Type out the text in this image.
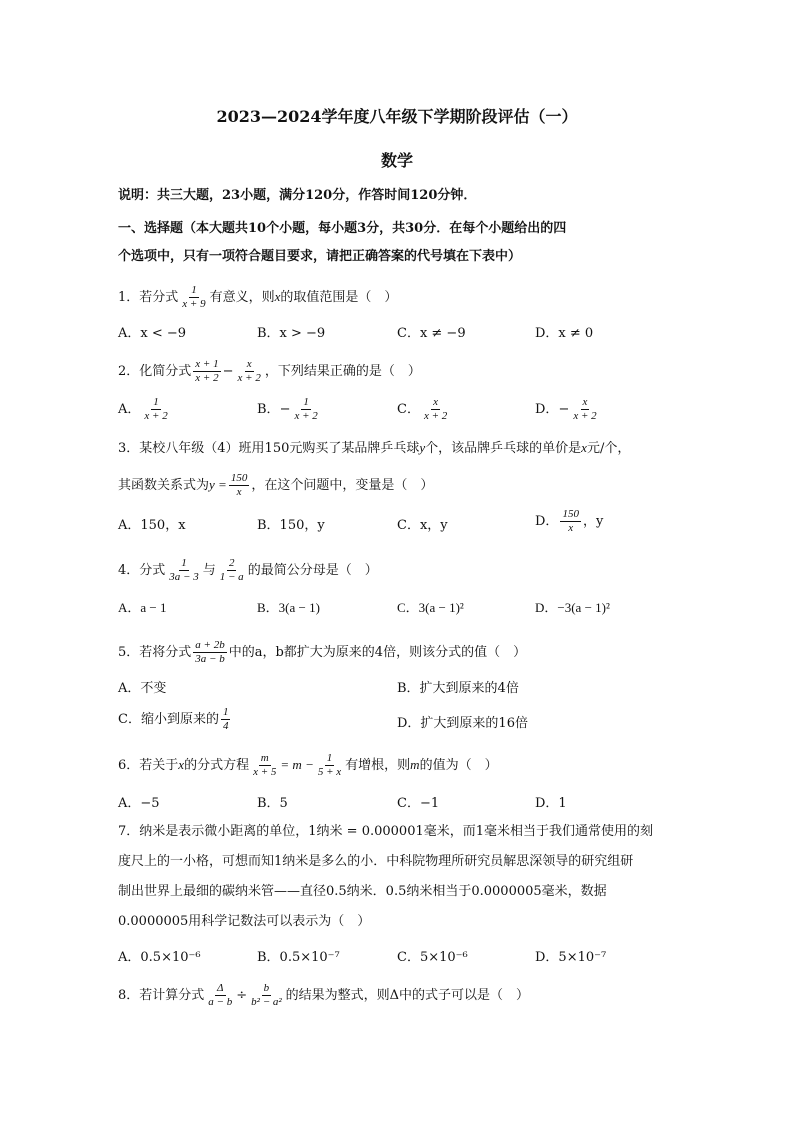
2023—2024学年度八年级下学期阶段评估（一）
数学
说明：共三大题，23小题，满分120分，作答时间120分钟．
一、选择题（本大题共10个小题，每小题3分，共30分．在每个小题给出的四
个选项中，只有一项符合题目要求，请把正确答案的代号填在下表中）
1．若分式 $\frac{1}{x + 9}$ 有意义，则x的取值范围是（　）
A．x < −9	B．x > −9	C．x ≠ −9	D．x ≠ 0
2．化简分式 $\frac{x + 1}{x + 2} - \frac{x}{x + 2}$ ，下列结果正确的是（　）
A． $\frac{1}{x + 2}$	B．− $\frac{1}{x + 2}$	C． $\frac{x}{x + 2}$	D．− $\frac{x}{x + 2}$
3．某校八年级（4）班用150元购买了某品牌乒乓球y个，该品牌乒乓球的单价是x元/个，
其函数关系式为$y = \frac{150}{x}$ ，在这个问题中，变量是（　）
A．150，x	B．150，y	C．x，y	D． $\frac{150}{x}$ ，y
4．分式 $\frac{1}{3a - 3}$ 与 $\frac{2}{1 - a}$ 的最简公分母是（　）
A．a − 1	B．3(a − 1)	C．3(a − 1)²	D．−3(a − 1)²
5．若将分式 $\frac{a + 2b}{3a - b}$ 中的a，b都扩大为原来的4倍，则该分式的值（　）
A．不变	B．扩大到原来的4倍
C．缩小到原来的 $\frac{1}{4}$	D．扩大到原来的16倍
6．若关于x的分式方程 $\frac{m}{x + 5} = m - \frac{1}{5 + x}$ 有增根，则m的值为（　）
A．−5	B．5	C．−1	D．1
7．纳米是表示微小距离的单位，1纳米 = 0.000001毫米，而1毫米相当于我们通常使用的刻
度尺上的一小格，可想而知1纳米是多么的小．中科院物理所研究员解思深领导的研究组研
制出世界上最细的碳纳米管——直径0.5纳米．0.5纳米相当于0.0000005毫米，数据
0.0000005用科学记数法可以表示为（　）
A．0.5×10⁻⁶	B．0.5×10⁻⁷	C．5×10⁻⁶	D．5×10⁻⁷
8．若计算分式 $\frac{\Delta}{a - b} \div \frac{b}{\text{b² − a²}}$ 的结果为整式，则Δ中的式子可以是（　）
